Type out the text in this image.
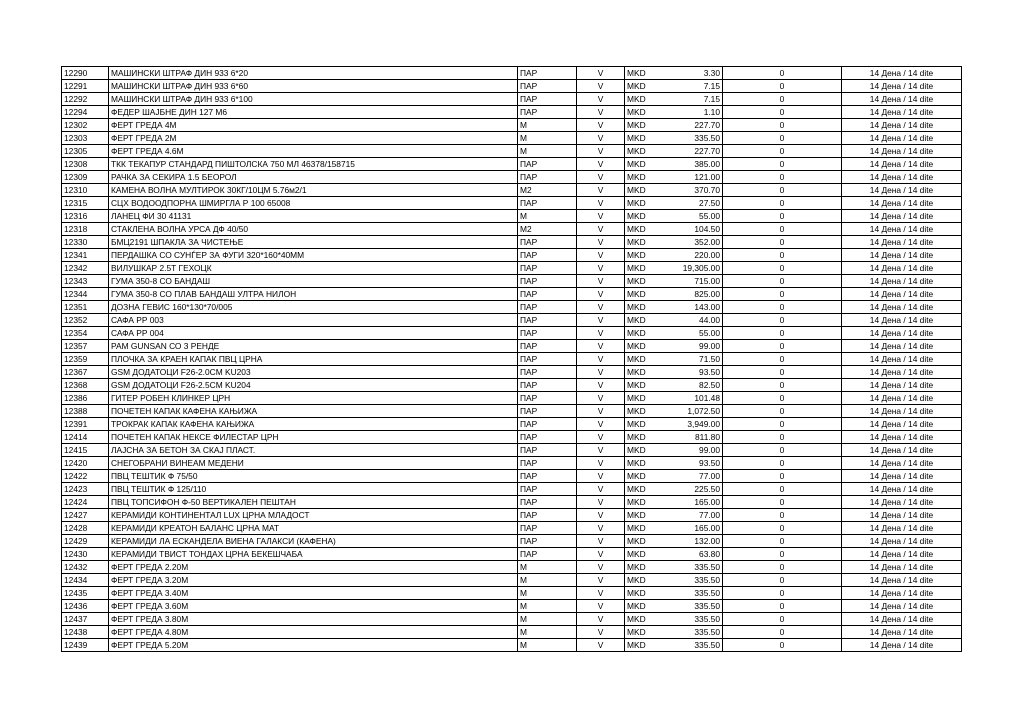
12290	МАШИНСКИ ШТРАФ ДИН 933 6*20	ПАР	V	MKD	3.30	0	14 Дена / 14 dite
12291	МАШИНСКИ ШТРАФ ДИН 933 6*60	ПАР	V	MKD	7.15	0	14 Дена / 14 dite
12292	МАШИНСКИ ШТРАФ ДИН 933 6*100	ПАР	V	MKD	7.15	0	14 Дена / 14 dite
12294	ФЕДЕР ШАЈБНЕ ДИН 127 М6	ПАР	V	MKD	1.10	0	14 Дена / 14 dite
12302	ФЕРТ ГРЕДА 4М	М	V	MKD	227.70	0	14 Дена / 14 dite
12303	ФЕРТ ГРЕДА 2М	М	V	MKD	335.50	0	14 Дена / 14 dite
12305	ФЕРТ ГРЕДА 4.6М	М	V	MKD	227.70	0	14 Дена / 14 dite
12308	ТКК ТЕКАПУР СТАНДАРД ПИШТОЛСКА 750 МЛ 46378/158715	ПАР	V	MKD	385.00	0	14 Дена / 14 dite
12309	РАЧКА ЗА СЕКИРА 1.5 БЕОРОЛ	ПАР	V	MKD	121.00	0	14 Дена / 14 dite
12310	КАМЕНА ВОЛНА МУЛТИРОК 30КГ/10ЦМ 5.76м2/1	М2	V	MKD	370.70	0	14 Дена / 14 dite
12315	СЦХ ВОДООДПОРНА ШМИРГЛА Р 100 65008	ПАР	V	MKD	27.50	0	14 Дена / 14 dite
12316	ЛАНЕЦ ФИ 30 41131	М	V	MKD	55.00	0	14 Дена / 14 dite
12318	СТАКЛЕНА ВОЛНА УРСА ДФ 40/50	М2	V	MKD	104.50	0	14 Дена / 14 dite
12330	БМЦ2191 ШПАКЛА ЗА ЧИСТЕЊЕ	ПАР	V	MKD	352.00	0	14 Дена / 14 dite
12341	ПЕРДАШКА СО СУНЃЕР ЗА ФУГИ 320*160*40ММ	ПАР	V	MKD	220.00	0	14 Дена / 14 dite
12342	ВИЛУШКАР 2.5Т ГЕХОЦК	ПАР	V	MKD	19,305.00	0	14 Дена / 14 dite
12343	ГУМА 350-8 СО БАНДАШ	ПАР	V	MKD	715.00	0	14 Дена / 14 dite
12344	ГУМА 350-8 СО ПЛАВ БАНДАШ УЛТРА НИЛОН	ПАР	V	MKD	825.00	0	14 Дена / 14 dite
12351	ДОЗНА ГЕВИС 160*130*70/005	ПАР	V	MKD	143.00	0	14 Дена / 14 dite
12352	САФА РР 003	ПАР	V	MKD	44.00	0	14 Дена / 14 dite
12354	САФА РР 004	ПАР	V	MKD	55.00	0	14 Дена / 14 dite
12357	РАМ GUNSAN СО 3 РЕНДЕ	ПАР	V	MKD	99.00	0	14 Дена / 14 dite
12359	ПЛОЧКА ЗА КРАЕН КАПАК ПВЦ ЦРНА	ПАР	V	MKD	71.50	0	14 Дена / 14 dite
12367	GSM ДОДАТОЦИ F26-2.0CM KU203	ПАР	V	MKD	93.50	0	14 Дена / 14 dite
12368	GSM ДОДАТОЦИ F26-2.5CM KU204	ПАР	V	MKD	82.50	0	14 Дена / 14 dite
12386	ГИТЕР РОБЕН КЛИНКЕР ЦРН	ПАР	V	MKD	101.48	0	14 Дена / 14 dite
12388	ПОЧЕТЕН КАПАК КАФЕНА КАЊИЖА	ПАР	V	MKD	1,072.50	0	14 Дена / 14 dite
12391	ТРОКРАК КАПАК КАФЕНА КАЊИЖА	ПАР	V	MKD	3,949.00	0	14 Дена / 14 dite
12414	ПОЧЕТЕН КАПАК НЕКСЕ ФИЛЕСТАР ЦРН	ПАР	V	MKD	811.80	0	14 Дена / 14 dite
12415	ЛАЈСНА ЗА БЕТОН ЗА СКАЈ ПЛАСТ.	ПАР	V	MKD	99.00	0	14 Дена / 14 dite
12420	СНЕГОБРАНИ ВИНЕАМ МЕДЕНИ	ПАР	V	MKD	93.50	0	14 Дена / 14 dite
12422	ПВЦ ТЕШТИК Ф 75/50	ПАР	V	MKD	77.00	0	14 Дена / 14 dite
12423	ПВЦ ТЕШТИК Ф 125/110	ПАР	V	MKD	225.50	0	14 Дена / 14 dite
12424	ПВЦ ТОПСИФОН Ф-50 ВЕРТИКАЛЕН ПЕШТАН	ПАР	V	MKD	165.00	0	14 Дена / 14 dite
12427	КЕРАМИДИ КОНТИНЕНТАЛ LUX ЦРНА МЛАДОСТ	ПАР	V	MKD	77.00	0	14 Дена / 14 dite
12428	КЕРАМИДИ КРЕАТОН БАЛАНС ЦРНА МАТ	ПАР	V	MKD	165.00	0	14 Дена / 14 dite
12429	КЕРАМИДИ ЛА ЕСКАНДЕЛА ВИЕНА ГАЛАКСИ (КАФЕНА)	ПАР	V	MKD	132.00	0	14 Дена / 14 dite
12430	КЕРАМИДИ ТВИСТ ТОНДАХ ЦРНА БЕКЕШЧАБА	ПАР	V	MKD	63.80	0	14 Дена / 14 dite
12432	ФЕРТ ГРЕДА 2.20М	М	V	MKD	335.50	0	14 Дена / 14 dite
12434	ФЕРТ ГРЕДА 3.20М	М	V	MKD	335.50	0	14 Дена / 14 dite
12435	ФЕРТ ГРЕДА 3.40М	М	V	MKD	335.50	0	14 Дена / 14 dite
12436	ФЕРТ ГРЕДА 3.60М	М	V	MKD	335.50	0	14 Дена / 14 dite
12437	ФЕРТ ГРЕДА 3.80М	М	V	MKD	335.50	0	14 Дена / 14 dite
12438	ФЕРТ ГРЕДА 4.80М	М	V	MKD	335.50	0	14 Дена / 14 dite
12439	ФЕРТ ГРЕДА 5.20М	М	V	MKD	335.50	0	14 Дена / 14 dite
